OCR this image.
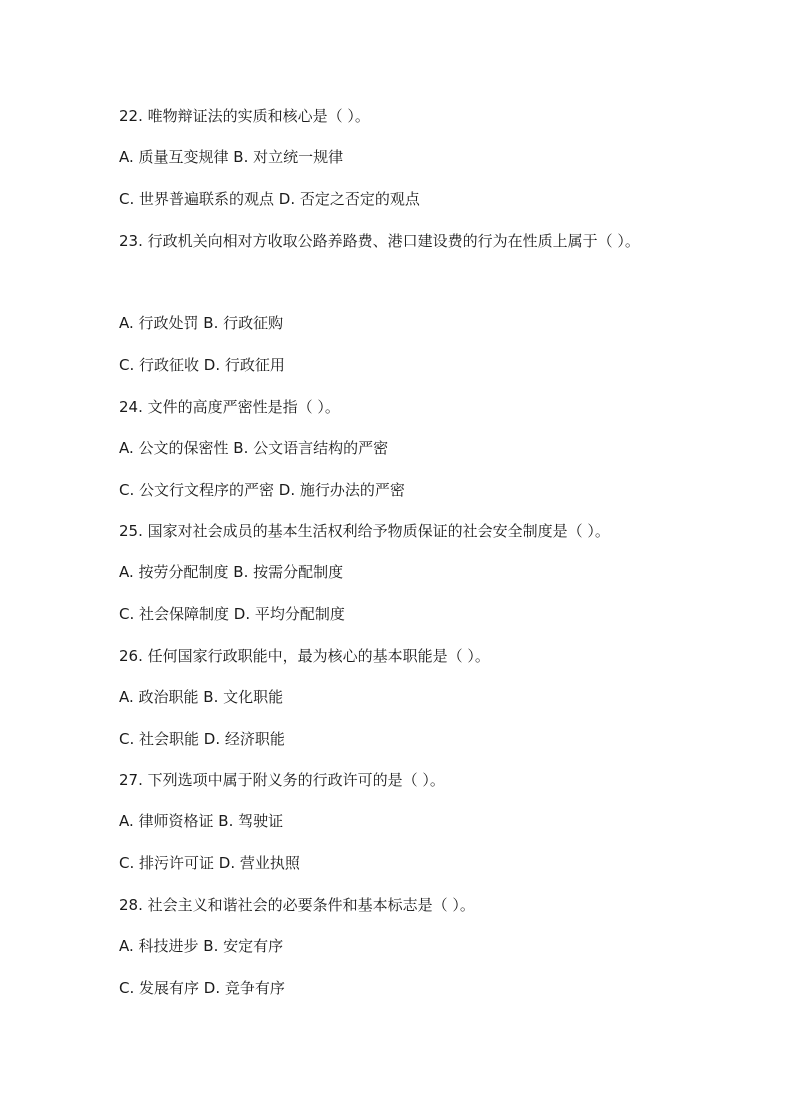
22. 唯物辩证法的实质和核心是（ ）。
A. 质量互变规律 B. 对立统一规律
C. 世界普遍联系的观点 D. 否定之否定的观点
23. 行政机关向相对方收取公路养路费、港口建设费的行为在性质上属于（ ）。
A. 行政处罚 B. 行政征购
C. 行政征收 D. 行政征用
24. 文件的高度严密性是指（ ）。
A. 公文的保密性 B. 公文语言结构的严密
C. 公文行文程序的严密 D. 施行办法的严密
25. 国家对社会成员的基本生活权利给予物质保证的社会安全制度是（ ）。
A. 按劳分配制度 B. 按需分配制度
C. 社会保障制度 D. 平均分配制度
26. 任何国家行政职能中，最为核心的基本职能是（ ）。
A. 政治职能 B. 文化职能
C. 社会职能 D. 经济职能
27. 下列选项中属于附义务的行政许可的是（ ）。
A. 律师资格证 B. 驾驶证
C. 排污许可证 D. 营业执照
28. 社会主义和谐社会的必要条件和基本标志是（ ）。
A. 科技进步 B. 安定有序
C. 发展有序 D. 竞争有序
